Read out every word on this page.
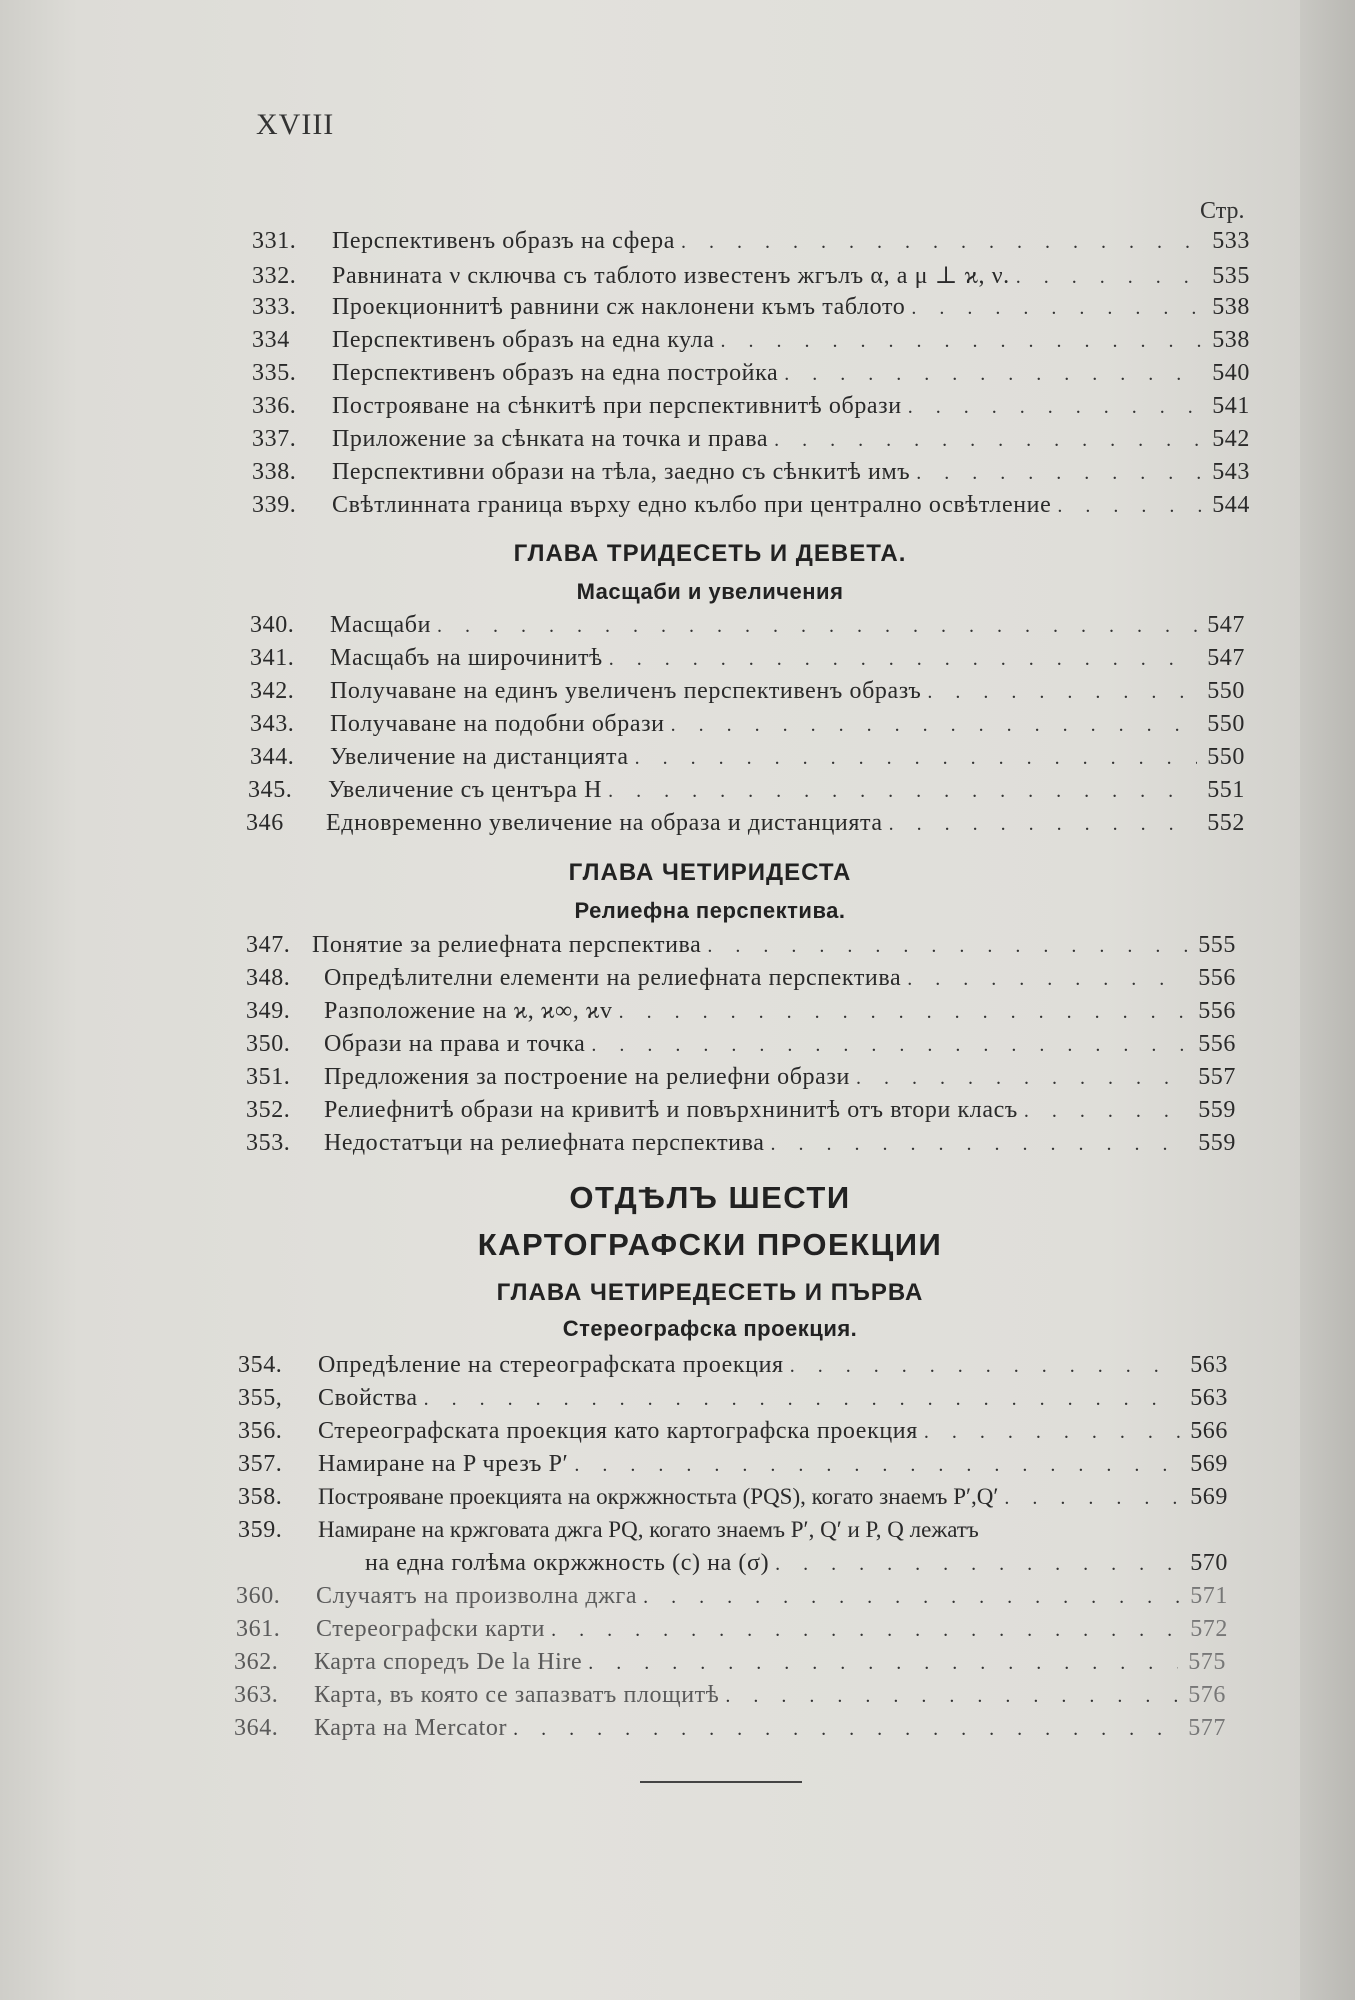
XVIII
Стр.
331.	Перспективенъ образъ на сфера . . .	533
332.	Равнината ν сключва съ таблото известенъ жгълъ α, a μ ⊥ ϰ, ν. . . .	535
333.	Проекционнитѣ равнини сж наклонени къмъ таблото . . .	538
334	Перспективенъ образъ на една кула . . .	538
335.	Перспективенъ образъ на една постройка . . .	540
336.	Построяване на сѣнкитѣ при перспективнитѣ образи . . .	541
337.	Приложение за сѣнката на точка и права . . .	542
338.	Перспективни образи на тѣла, заедно съ сѣнкитѣ имъ . . .	543
339.	Свѣтлинната граница върху едно кълбо при централно освѣтление . . .	544
ГЛАВА ТРИДЕСЕТЬ И ДЕВЕТА.
Масщаби и увеличения
340.	Масщаби . . .	547
341.	Масщабъ на широчинитѣ . . .	547
342.	Получаване на единъ увеличенъ перспективенъ образъ . . .	550
343.	Получаване на подобни образи . . .	550
344.	Увеличение на дистанцията . . .	550
345.	Увеличение съ центъра H . . .	551
346	Едновременно увеличение на образа и дистанцията . . .	552
ГЛАВА ЧЕТИРИДЕСТА
Релиефна перспектива.
347. Понятие за релиефната перспектива . . .	555
348.	Опредѣлителни елементи на релиефната перспектива . . .	556
349.	Разположение на ϰ, ϰ∞, ϰv . . .	556
350.	Образи на права и точка . . .	556
351.	Предложения за построение на релиефни образи . . .	557
352.	Релиефнитѣ образи на кривитѣ и повърхнинитѣ отъ втори класъ . . .	559
353.	Недостатъци на релиефната перспектива . . .	559
ОТДѢЛЪ ШЕСТИ
КАРТОГРАФСКИ ПРОЕКЦИИ
ГЛАВА ЧЕТИРЕДЕСЕТЬ И ПЪРВА
Стереографска проекция.
354.	Опредѣление на стереографската проекция . . .	563
355,	Свойства . . .	563
356.	Стереографската проекция като картографска проекция . . .	566
357.	Намиране на P чрезъ P′ . . .	569
358.	Построяване проекцията на окржжностьта (PQS), когато знаемъ P′,Q′ . . .	569
359.	Намиране на кржговата джга PQ, когато знаемъ P′, Q′ и P, Q лежатъ
на една голѣма окржжность (c) на (σ) . . .	570
360.	Случаятъ на произволна джга . . .	571
361.	Стереографски карти . . .	572
362.	Карта споредъ De la Hire . . .	575
363.	Карта, въ която се запазватъ площитѣ . . .	576
364.	Карта на Mercator . . .	577
